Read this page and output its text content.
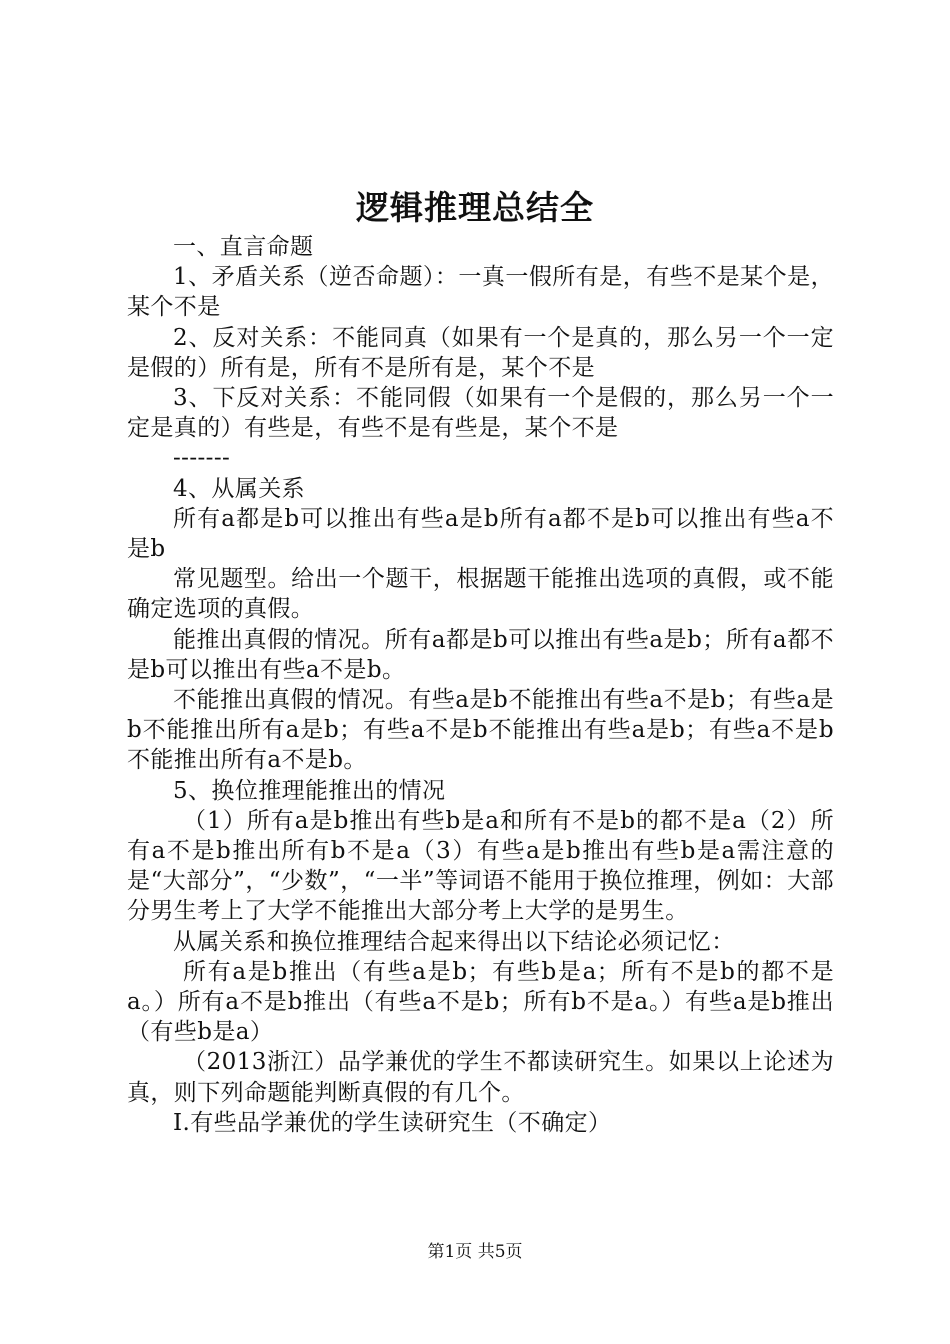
逻辑推理总结全

一、直言命题

1、矛盾关系（逆否命题）：一真一假所有是，有些不是某个是，某个不是

2、反对关系：不能同真（如果有一个是真的，那么另一个一定是假的）所有是，所有不是所有是，某个不是

3、下反对关系：不能同假（如果有一个是假的，那么另一个一定是真的）有些是，有些不是有些是，某个不是

-------

4、从属关系

所有a都是b可以推出有些a是b所有a都不是b可以推出有些a不是b

常见题型。给出一个题干，根据题干能推出选项的真假，或不能确定选项的真假。

能推出真假的情况。所有a都是b可以推出有些a是b；所有a都不是b可以推出有些a不是b。

不能推出真假的情况。有些a是b不能推出有些a不是b；有些a是b不能推出所有a是b；有些a不是b不能推出有些a是b；有些a不是b不能推出所有a不是b。

5、换位推理能推出的情况

（1）所有a是b推出有些b是a和所有不是b的都不是a（2）所有a不是b推出所有b不是a（3）有些a是b推出有些b是a需注意的是“大部分”，“少数”，“一半”等词语不能用于换位推理，例如：大部分男生考上了大学不能推出大部分考上大学的是男生。

从属关系和换位推理结合起来得出以下结论必须记忆：

所有a是b推出（有些a是b；有些b是a；所有不是b的都不是a。）所有a不是b推出（有些a不是b；所有b不是a。）有些a是b推出（有些b是a）

（2013浙江）品学兼优的学生不都读研究生。如果以上论述为真，则下列命题能判断真假的有几个。

Ⅰ.有些品学兼优的学生读研究生（不确定）

第1页 共5页
